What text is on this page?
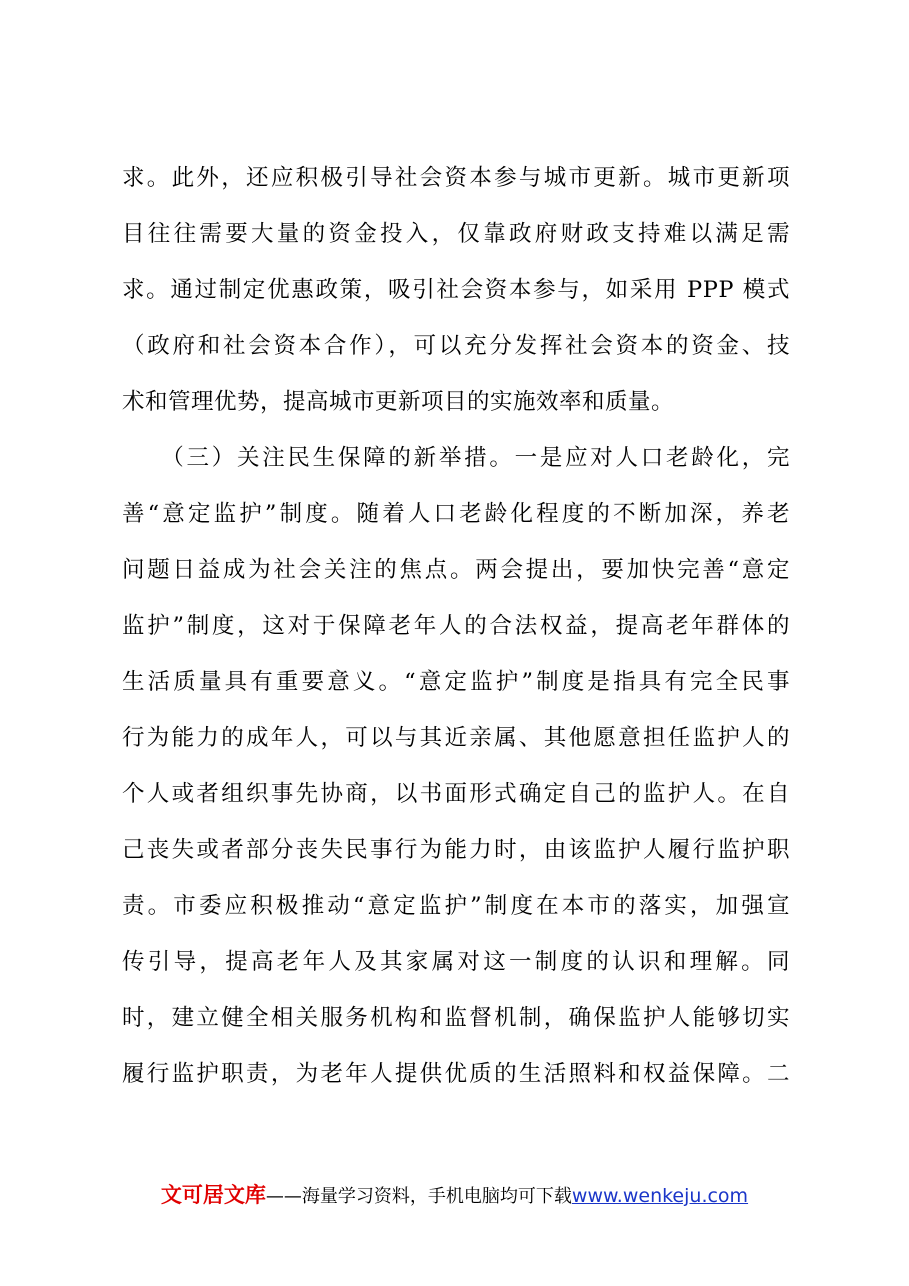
求。此外，还应积极引导社会资本参与城市更新。城市更新项
目往往需要大量的资金投入，仅靠政府财政支持难以满足需
求。通过制定优惠政策，吸引社会资本参与，如采用 PPP 模式
（政府和社会资本合作），可以充分发挥社会资本的资金、技
术和管理优势，提高城市更新项目的实施效率和质量。
　　（三）关注民生保障的新举措。一是应对人口老龄化，完
善“意定监护”制度。随着人口老龄化程度的不断加深，养老
问题日益成为社会关注的焦点。两会提出，要加快完善“意定
监护”制度，这对于保障老年人的合法权益，提高老年群体的
生活质量具有重要意义。“意定监护”制度是指具有完全民事
行为能力的成年人，可以与其近亲属、其他愿意担任监护人的
个人或者组织事先协商，以书面形式确定自己的监护人。在自
己丧失或者部分丧失民事行为能力时，由该监护人履行监护职
责。市委应积极推动“意定监护”制度在本市的落实，加强宣
传引导，提高老年人及其家属对这一制度的认识和理解。同
时，建立健全相关服务机构和监督机制，确保监护人能够切实
履行监护职责，为老年人提供优质的生活照料和权益保障。二
文可居文库——海量学习资料，手机电脑均可下载www.wenkeju.com
